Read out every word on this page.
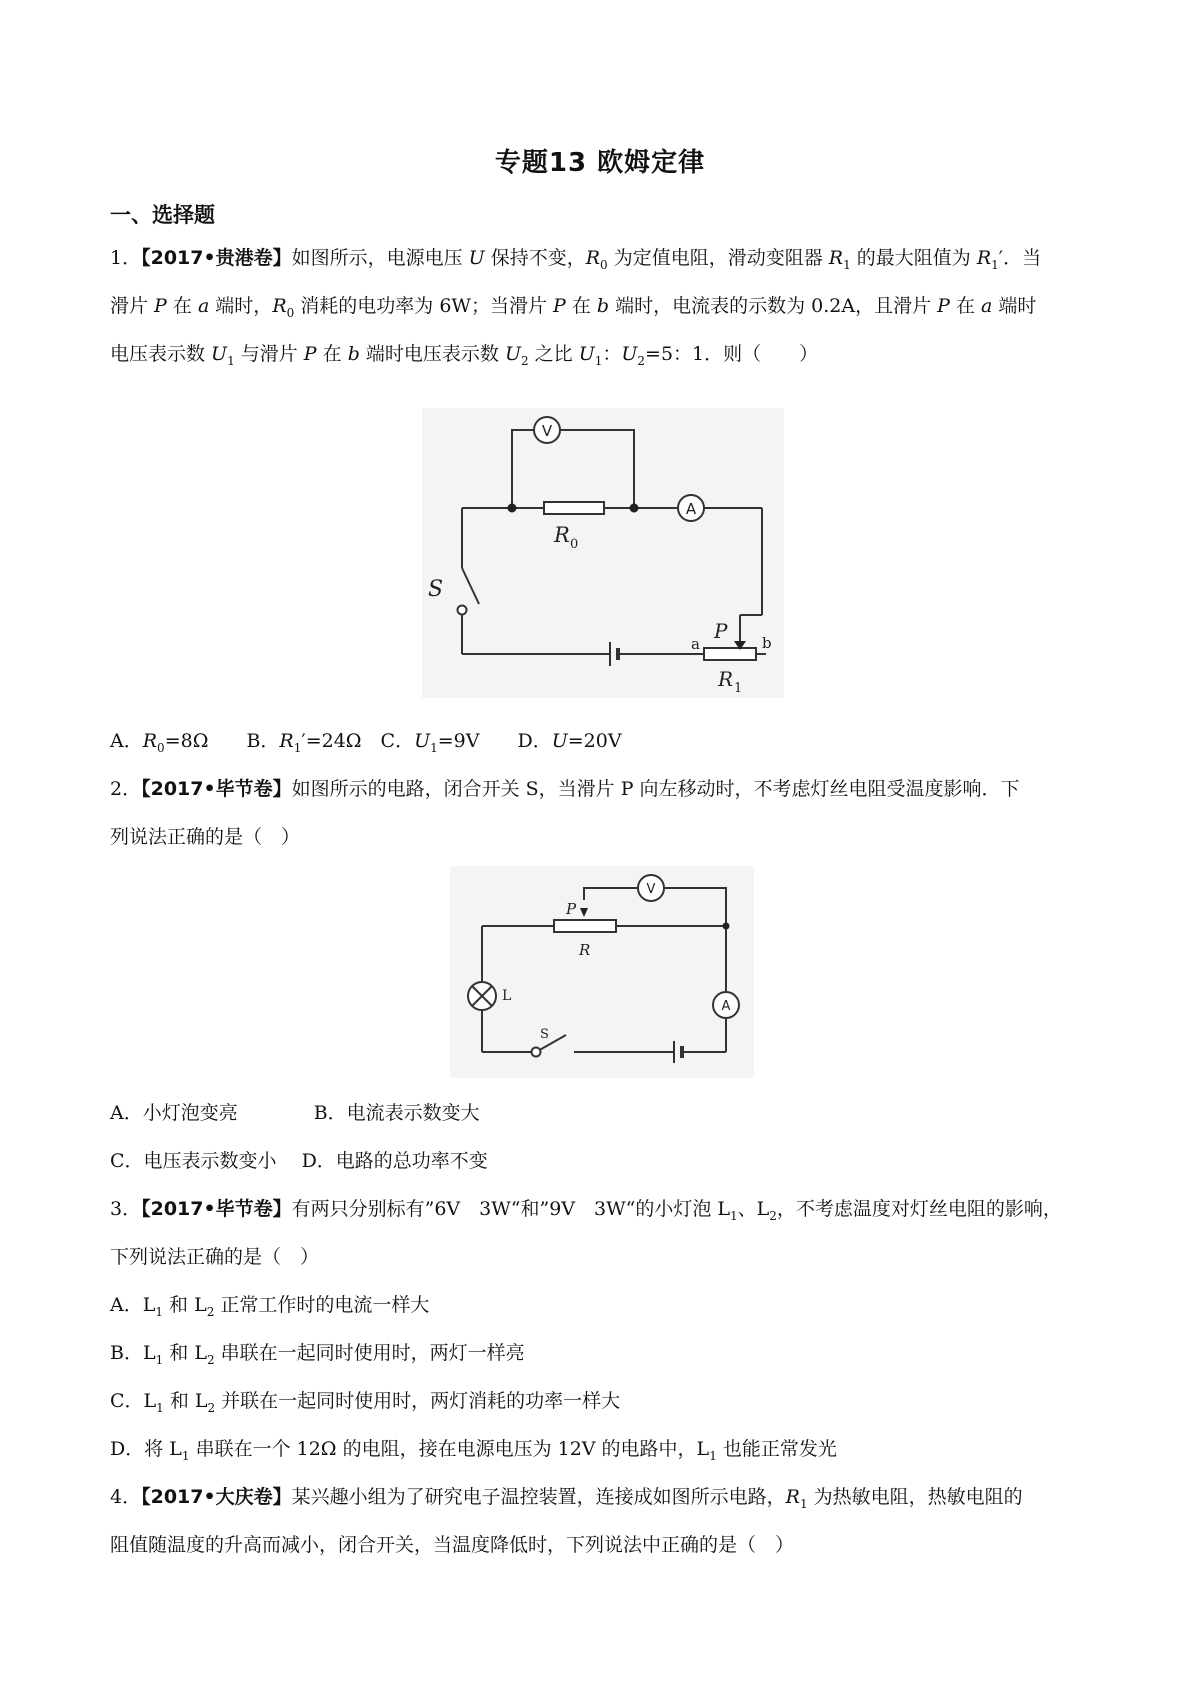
专题13 欧姆定律
一、选择题
1．【2017•贵港卷】如图所示，电源电压 U 保持不变，$R_0$ 为定值电阻，滑动变阻器 $R_1$ 的最大阻值为 $R_1'$．当
滑片 P 在 a 端时，$R_0$ 消耗的电功率为 6W；当滑片 P 在 b 端时，电流表的示数为 0.2A，且滑片 P 在 a 端时
电压表示数 $U_1$ 与滑片 P 在 b 端时电压表示数 $U_2$ 之比 $U_1$：$U_2=5$：1．则（　　）
V
A
R 0
S
P
a	b
R 1
A．$R_0=8\Omega$　　B．$R_1'=24\Omega$　C．$U_1=9V$　　D．U=20V
2．【2017•毕节卷】如图所示的电路，闭合开关 S，当滑片 P 向左移动时，不考虑灯丝电阻受温度影响．下
列说法正确的是（　）
V
A
P
R
L
S
A．小灯泡变亮　　　　B．电流表示数变大
C．电压表示数变小　 D．电路的总功率不变
3．【2017•毕节卷】有两只分别标有”6V　3W“和”9V　3W“的小灯泡 $L_1$、$L_2$，不考虑温度对灯丝电阻的影响，
下列说法正确的是（　）
A．$L_1$ 和 $L_2$ 正常工作时的电流一样大
B．$L_1$ 和 $L_2$ 串联在一起同时使用时，两灯一样亮
C．$L_1$ 和 $L_2$ 并联在一起同时使用时，两灯消耗的功率一样大
D．将 $L_1$ 串联在一个 12Ω 的电阻，接在电源电压为 12V 的电路中，$L_1$ 也能正常发光
4．【2017•大庆卷】某兴趣小组为了研究电子温控装置，连接成如图所示电路，$R_1$ 为热敏电阻，热敏电阻的
阻值随温度的升高而减小，闭合开关，当温度降低时，下列说法中正确的是（　）
